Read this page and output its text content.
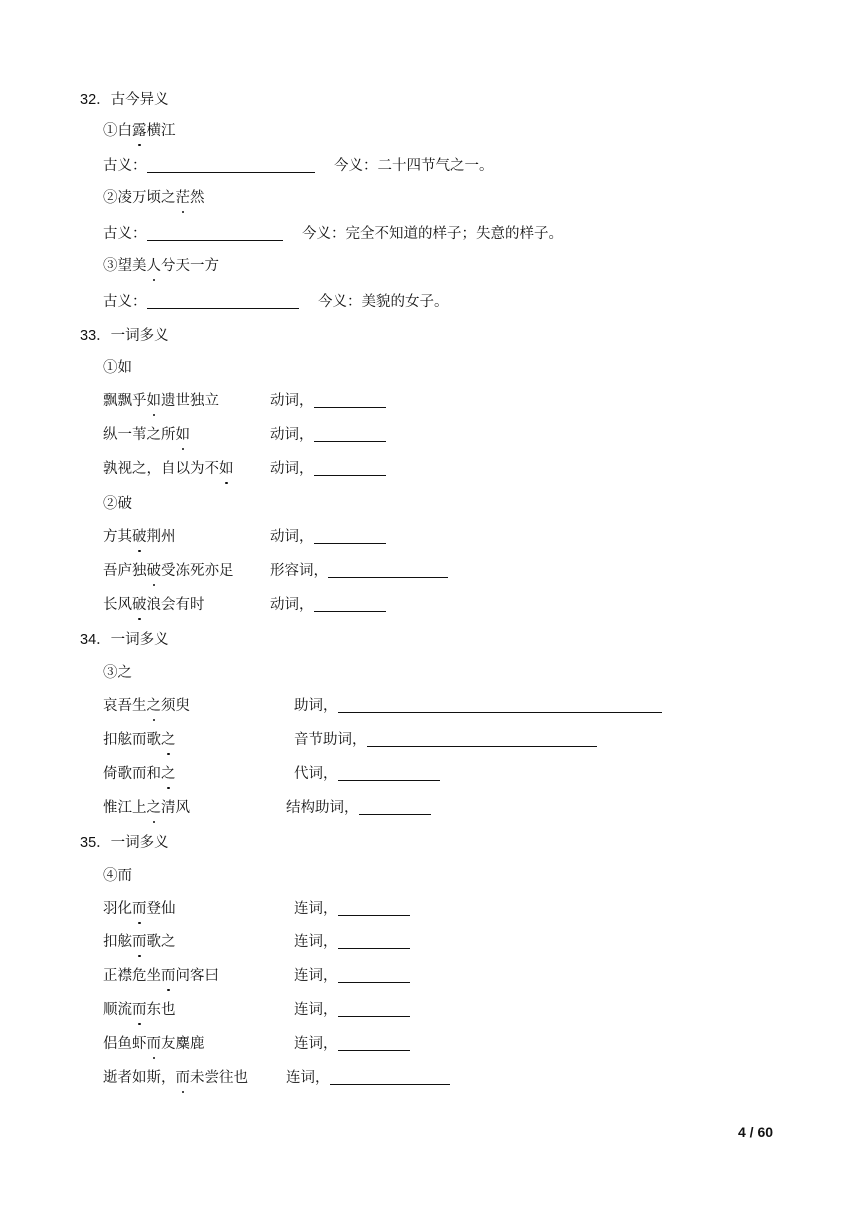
32．古今异义
①白露横江
古义：	今义：二十四节气之一。
②凌万顷之茫然
古义：	今义：完全不知道的样子；失意的样子。
③望美人兮天一方
古义：	今义：美貌的女子。
33．一词多义
①如
飘飘乎如遗世独立	动词，
纵一苇之所如	动词，
孰视之，自以为不如	动词，
②破
方其破荆州	动词，
吾庐独破受冻死亦足	形容词，
长风破浪会有时	动词，
34．一词多义
③之
哀吾生之须臾	助词，
扣舷而歌之	音节助词，
倚歌而和之	代词，
惟江上之清风	结构助词，
35．一词多义
④而
羽化而登仙	连词，
扣舷而歌之	连词，
正襟危坐而问客曰	连词，
顺流而东也	连词，
侣鱼虾而友麋鹿	连词，
逝者如斯，而未尝往也	连词，
4 / 60
